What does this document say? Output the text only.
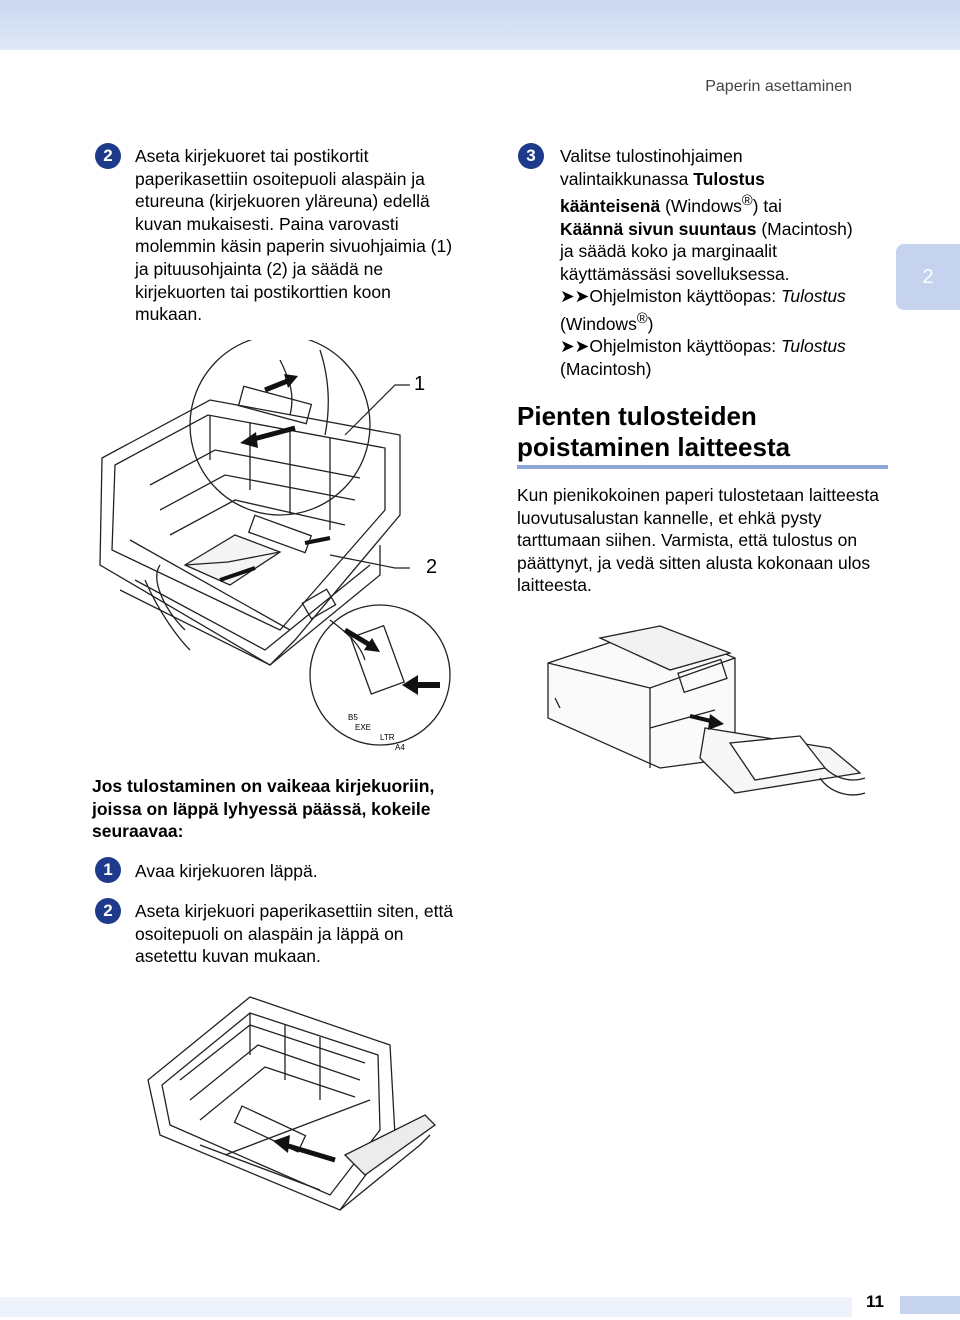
Paperin asettaminen
2	Aseta kirjekuoret tai postikortit paperikasettiin osoitepuoli alaspäin ja etureuna (kirjekuoren yläreuna) edellä kuvan mukaisesti. Paina varovasti molemmin käsin paperin sivuohjaimia (1) ja pituusohjainta (2) ja säädä ne kirjekuorten tai postikorttien koon mukaan.
B5
EXE
LTR
A4
1
2
3	Valitse tulostinohjaimen
valintaikkunassa Tulostus
käänteisenä (Windows®) tai
Käännä sivun suuntaus (Macintosh)
ja säädä koko ja marginaalit
käyttämässäsi sovelluksessa.
➤➤Ohjelmiston käyttöopas: Tulostus
(Windows®)
➤➤Ohjelmiston käyttöopas: Tulostus
(Macintosh)
2
Pienten tulosteiden poistaminen laitteesta
Kun pienikokoinen paperi tulostetaan laitteesta luovutusalustan kannelle, et ehkä pysty tarttumaan siihen. Varmista, että tulostus on päättynyt, ja vedä sitten alusta kokonaan ulos laitteesta.
Jos tulostaminen on vaikeaa kirjekuoriin, joissa on läppä lyhyessä päässä, kokeile seuraavaa:
1	Avaa kirjekuoren läppä.
2	Aseta kirjekuori paperikasettiin siten, että osoitepuoli on alaspäin ja läppä on asetettu kuvan mukaan.
11
